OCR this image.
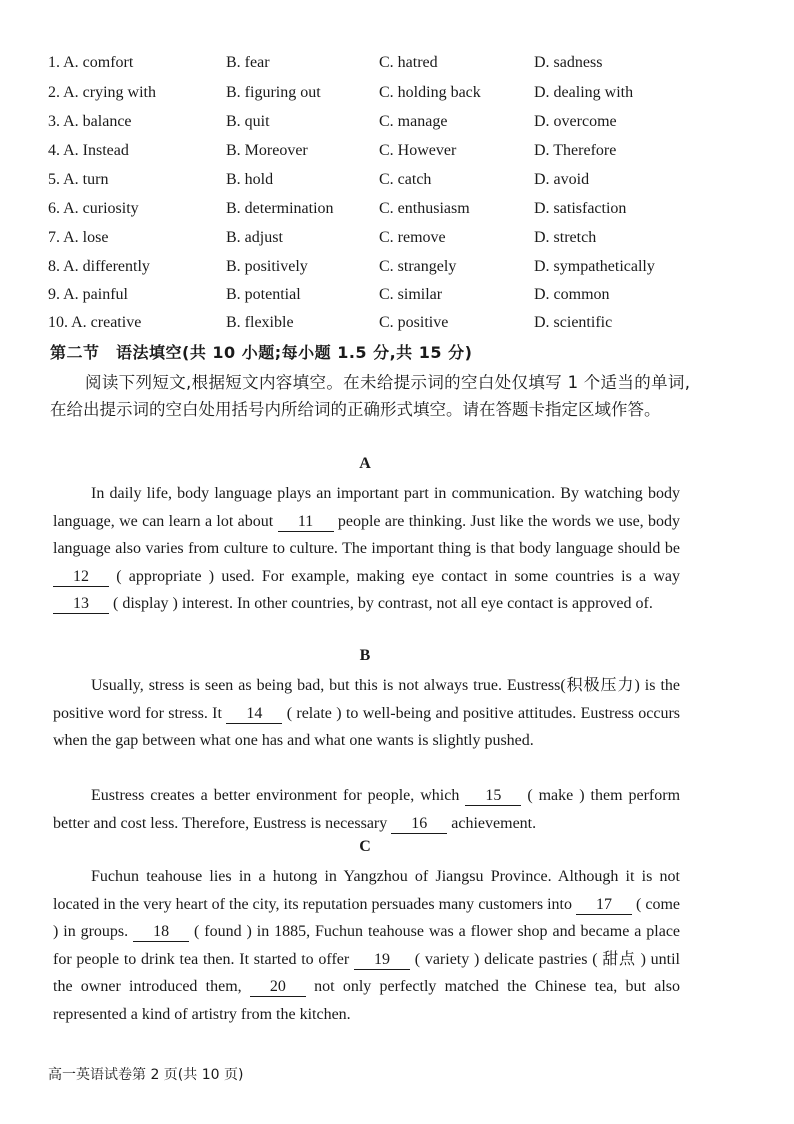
1. A. comfort	B. fear	C. hatred	D. sadness
2. A. crying with	B. figuring out	C. holding back	D. dealing with
3. A. balance	B. quit	C. manage	D. overcome
4. A. Instead	B. Moreover	C. However	D. Therefore
5. A. turn	B. hold	C. catch	D. avoid
6. A. curiosity	B. determination	C. enthusiasm	D. satisfaction
7. A. lose	B. adjust	C. remove	D. stretch
8. A. differently	B. positively	C. strangely	D. sympathetically
9. A. painful	B. potential	C. similar	D. common
10. A. creative	B. flexible	C. positive	D. scientific
第二节　语法填空(共 10 小题;每小题 1.5 分,共 15 分)
阅读下列短文,根据短文内容填空。在未给提示词的空白处仅填写 1 个适当的单词,在给出提示词的空白处用括号内所给词的正确形式填空。请在答题卡指定区域作答。
A
In daily life, body language plays an important part in communication. By watching body language, we can learn a lot about 11 people are thinking. Just like the words we use, body language also varies from culture to culture. The important thing is that body language should be 12 ( appropriate ) used. For example, making eye contact in some countries is a way 13 ( display ) interest. In other countries, by contrast, not all eye contact is approved of.
B
Usually, stress is seen as being bad, but this is not always true. Eustress(积极压力) is the positive word for stress. It 14 ( relate ) to well-being and positive attitudes. Eustress occurs when the gap between what one has and what one wants is slightly pushed.
Eustress creates a better environment for people, which 15 ( make ) them perform better and cost less. Therefore, Eustress is necessary 16 achievement.
C
Fuchun teahouse lies in a hutong in Yangzhou of Jiangsu Province. Although it is not located in the very heart of the city, its reputation persuades many customers into 17 ( come ) in groups. 18 ( found ) in 1885, Fuchun teahouse was a flower shop and became a place for people to drink tea then. It started to offer 19 ( variety ) delicate pastries ( 甜点 ) until the owner introduced them, 20 not only perfectly matched the Chinese tea, but also represented a kind of artistry from the kitchen.
高一英语试卷第 2 页(共 10 页)
